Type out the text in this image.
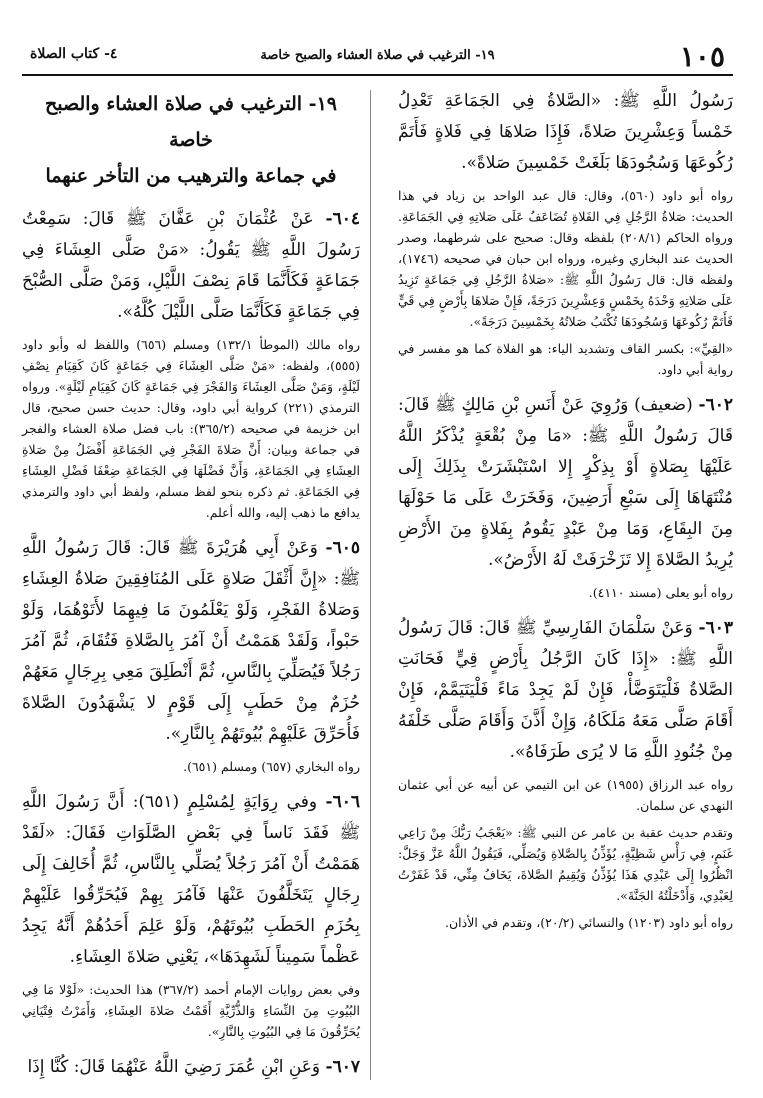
١٠٥
١٩- الترغيب في صلاة العشاء والصبح خاصة
٤- كتاب الصلاة

رَسُولُ اللَّهِ ﷺ: «الصَّلاةُ فِي الجَمَاعَةِ تَعْدِلُ خَمْساً وَعِشْرِينَ صَلاةً، فَإِذَا صَلاهَا فِي فَلاةٍ فَأَتَمَّ رُكُوعَهَا وَسُجُودَهَا بَلَغَتْ خَمْسِينَ صَلاةً».

رواه أبو داود (٥٦٠)، وقال: قال عبد الواحد بن زياد في هذا الحديث: صَلاةُ الرَّجُلِ فِي الفَلاةِ تُضَاعَفُ عَلَى صَلاتِهِ فِي الجَمَاعَةِ. ورواه الحاكم (٢٠٨/١) بلفظه وقال: صحيح على شرطهما، وصدر الحديث عند البخاري وغيره، ورواه ابن حبان في صحيحه (١٧٤٦)، ولفظه قال: قال رَسُولُ اللَّهِ ﷺ: «صَلاةُ الرَّجُلِ فِي جَمَاعَةٍ تَزِيدُ عَلَى صَلاتِهِ وَحْدَهُ بِخَمْسٍ وَعِشْرِينَ دَرَجَةً، فَإِنْ صَلاهَا بِأَرْضٍ فِي قَيٍّ فَأَتَمَّ رُكُوعَهَا وَسُجُودَهَا تُكْتَبُ صَلاتُهُ بِخَمْسِينَ دَرَجَةً».

«القِيِّ»: بكسر القاف وتشديد الياء: هو الفلاة كما هو مفسر في رواية أبي داود.

٦٠٢- (ضعيف) وَرُوِيَ عَنْ أَنَسِ بْنِ مَالِكٍ ﷺ قَالَ: قَالَ رَسُولُ اللَّهِ ﷺ: «مَا مِنْ بُقْعَةٍ يُذْكَرُ اللَّهُ عَلَيْهَا بِصَلاةٍ أَوْ بِذِكْرٍ إِلا اسْتَبْشَرَتْ بِذَلِكَ إِلَى مُنْتَهَاهَا إِلَى سَبْعِ أَرَضِينَ، وَفَخَرَتْ عَلَى مَا حَوْلَهَا مِنَ البِقَاعِ، وَمَا مِنْ عَبْدٍ يَقُومُ بِفَلاةٍ مِنَ الأَرْضِ يُرِيدُ الصَّلاةَ إِلا تَزَخْرَفَتْ لَهُ الأَرْضُ».

رواه أبو يعلى (مسند ٤١١٠).

٦٠٣- وَعَنْ سَلْمَانَ الفَارِسِيِّ ﷺ قَالَ: قَالَ رَسُولُ اللَّهِ ﷺ: «إِذَا كَانَ الرَّجُلُ بِأَرْضٍ قِيٍّ فَحَانَتِ الصَّلاةُ فَلْيَتَوَضَّأْ، فَإِنْ لَمْ يَجِدْ مَاءً فَلْيَتَيَمَّمْ، فَإِنْ أَقَامَ صَلَّى مَعَهُ مَلَكَاهُ، وَإِنْ أَذَّنَ وَأَقَامَ صَلَّى خَلْفَهُ مِنْ جُنُودِ اللَّهِ مَا لا يُرَى طَرَفَاهُ».

رواه عبد الرزاق (١٩٥٥) عن ابن التيمي عن أبيه عن أبي عثمان النهدي عن سلمان.

وتقدم حديث عقبة بن عامر عن النبي ﷺ: «يَعْجَبُ رَبُّكَ مِنْ رَاعِي غَنَمٍ، فِي رَأْسِ شَظِيَّةٍ، يُؤَذِّنُ بِالصَّلاةِ وَيُصَلِّي، فَيَقُولُ اللَّهُ عَزَّ وَجَلَّ: انْظُرُوا إِلَى عَبْدِي هَذَا يُؤَذِّنُ وَيُقِيمُ الصَّلاةَ، يَخَافُ مِنِّي، قَدْ غَفَرْتُ لِعَبْدِي، وَأَدْخَلْتُهُ الجَنَّةَ».

رواه أبو داود (١٢٠٣) والنسائي (٢٠/٢)، وتقدم في الأذان.

١٩- الترغيب في صلاة العشاء والصبح خاصة

في جماعة والترهيب من التأخر عنهما

٦٠٤- عَنْ عُثْمَانَ بْنِ عَفَّانَ ﷺ قَالَ: سَمِعْتُ رَسُولَ اللَّهِ ﷺ يَقُولُ: «مَنْ صَلَّى العِشَاءَ فِي جَمَاعَةٍ فَكَأَنَّمَا قَامَ نِصْفَ اللَّيْلِ، وَمَنْ صَلَّى الصُّبْحَ فِي جَمَاعَةٍ فَكَأَنَّمَا صَلَّى اللَّيْلَ كُلَّهُ».

رواه مالك (الموطأ ١٣٢/١) ومسلم (٦٥٦) واللفظ له وأبو داود (٥٥٥)، ولفظه: «مَنْ صَلَّى العِشَاءَ فِي جَمَاعَةٍ كَانَ كَقِيَامِ نِصْفِ لَيْلَةٍ، وَمَنْ صَلَّى العِشَاءَ وَالفَجْرَ فِي جَمَاعَةٍ كَانَ كَقِيَامِ لَيْلَةٍ». ورواه الترمذي (٢٢١) كرواية أبي داود، وقال: حديث حسن صحيح، قال ابن خزيمة في صحيحه (٣٦٥/٢): باب فضل صلاة العشاء والفجر في جماعة وبيان: أَنَّ صَلاةَ الفَجْرِ فِي الجَمَاعَةِ أَفْضَلُ مِنْ صَلاةِ العِشَاءِ فِي الجَمَاعَةِ، وَأَنَّ فَضْلَهَا فِي الجَمَاعَةِ ضِعْفَا فَضْلِ العِشَاءِ فِي الجَمَاعَةِ. ثم ذكره بنحو لفظ مسلم، ولفظ أبي داود والترمذي يدافع ما ذهب إليه، والله أعلم.

٦٠٥- وَعَنْ أَبِي هُرَيْرَةَ ﷺ قَالَ: قَالَ رَسُولُ اللَّهِ ﷺ: «إِنَّ أَثْقَلَ صَلاةٍ عَلَى المُنَافِقِينَ صَلاةُ العِشَاءِ وَصَلاةُ الفَجْرِ، وَلَوْ يَعْلَمُونَ مَا فِيهِمَا لأَتَوْهُمَا، وَلَوْ حَبْواً، وَلَقَدْ هَمَمْتُ أَنْ آمُرَ بِالصَّلاةِ فَتُقَامَ، ثُمَّ آمُرَ رَجُلاً فَيُصَلِّيَ بِالنَّاسِ، ثُمَّ أَنْطَلِقَ مَعِي بِرِجَالٍ مَعَهُمْ حُزَمٌ مِنْ حَطَبٍ إِلَى قَوْمٍ لا يَشْهَدُونَ الصَّلاةَ فَأُحَرِّقَ عَلَيْهِمْ بُيُوتَهُمْ بِالنَّارِ».

رواه البخاري (٦٥٧) ومسلم (٦٥١).

٦٠٦- وفي رِوَايَةٍ لِمُسْلِمٍ (٦٥١): أَنَّ رَسُولَ اللَّهِ ﷺ فَقَدَ نَاساً فِي بَعْضِ الصَّلَوَاتِ فَقَالَ: «لَقَدْ هَمَمْتُ أَنْ آمُرَ رَجُلاً يُصَلِّي بِالنَّاسِ، ثُمَّ أُخَالِفَ إِلَى رِجَالٍ يَتَخَلَّفُونَ عَنْهَا فَآمُرَ بِهِمْ فَيُحَرِّقُوا عَلَيْهِمْ بِحُزَمِ الحَطَبِ بُيُوتَهُمْ، وَلَوْ عَلِمَ أَحَدُهُمْ أَنَّهُ يَجِدُ عَظْماً سَمِيناً لَشَهِدَهَا»، يَعْنِي صَلاةَ العِشَاءِ.

وفي بعض روايات الإمام أحمد (٣٦٧/٢) هذا الحديث: «لَوْلا مَا فِي البُيُوتِ مِنَ النِّسَاءِ وَالذُّرِّيَّةِ أَقَمْتُ صَلاةَ العِشَاءِ، وَأَمَرْتُ فِتْيَانِي يُحَرِّقُونَ مَا فِي البُيُوتِ بِالنَّارِ».

٦٠٧- وَعَنِ ابْنِ عُمَرَ رَضِيَ اللَّهُ عَنْهُمَا قَالَ: كُنَّا إِذَا
